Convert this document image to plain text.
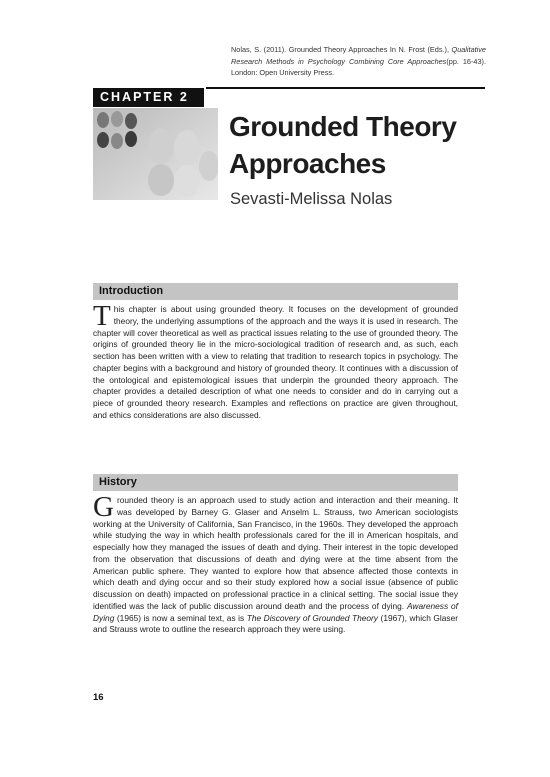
Nolas, S. (2011). Grounded Theory Approaches In N. Frost (Eds.), Qualitative Research Methods in Psychology Combining Core Approaches(pp. 16-43). London: Open University Press.
CHAPTER 2
Grounded Theory
Approaches
Sevasti-Melissa Nolas
Introduction
This chapter is about using grounded theory. It focuses on the development of grounded theory, the underlying assumptions of the approach and the ways it is used in research. The chapter will cover theoretical as well as practical issues relating to the use of grounded theory. The origins of grounded theory lie in the micro-sociological tradition of research and, as such, each section has been written with a view to relating that tradition to research topics in psychology. The chapter begins with a background and history of grounded theory. It continues with a discussion of the ontological and epistemological issues that underpin the grounded theory approach. The chapter provides a detailed description of what one needs to consider and do in carrying out a piece of grounded theory research. Examples and reflections on practice are given throughout, and ethics considerations are also discussed.
History
Grounded theory is an approach used to study action and interaction and their meaning. It was developed by Barney G. Glaser and Anselm L. Strauss, two American sociologists working at the University of California, San Francisco, in the 1960s. They developed the approach while studying the way in which health professionals cared for the ill in American hospitals, and especially how they managed the issues of death and dying. Their interest in the topic developed from the observation that discussions of death and dying were at the time absent from the American public sphere. They wanted to explore how that absence affected those contexts in which death and dying occur and so their study explored how a social issue (absence of public discussion on death) impacted on professional practice in a clinical setting. The social issue they identified was the lack of public discussion around death and the process of dying. Awareness of Dying (1965) is now a seminal text, as is The Discovery of Grounded Theory (1967), which Glaser and Strauss wrote to outline the research approach they were using.
16
